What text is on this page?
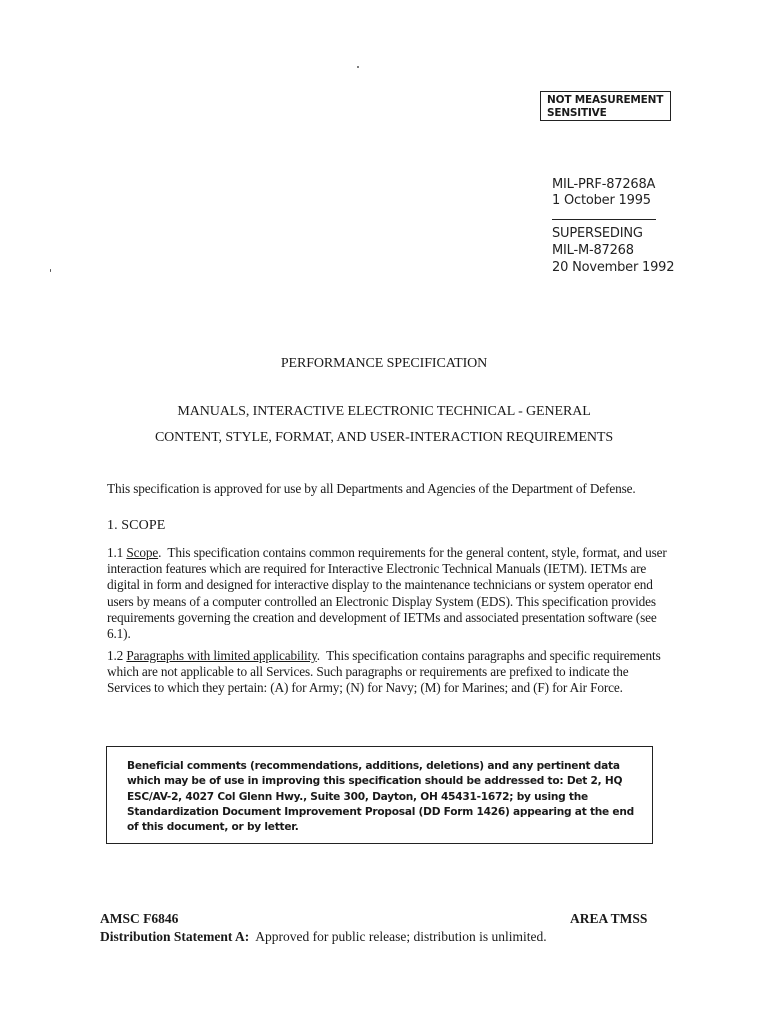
NOT MEASUREMENT
SENSITIVE
MIL-PRF-87268A
1 October 1995
SUPERSEDING
MIL-M-87268
20 November 1992
PERFORMANCE SPECIFICATION
MANUALS, INTERACTIVE ELECTRONIC TECHNICAL - GENERAL
CONTENT, STYLE, FORMAT, AND USER-INTERACTION REQUIREMENTS
This specification is approved for use by all Departments and Agencies of the Department of Defense.
1. SCOPE
1.1 Scope.  This specification contains common requirements for the general content, style, format, and user interaction features which are required for Interactive Electronic Technical Manuals (IETM). IETMs are digital in form and designed for interactive display to the maintenance technicians or system operator end users by means of a computer controlled an Electronic Display System (EDS). This specification provides requirements governing the creation and development of IETMs and associated presentation software (see 6.1).
1.2 Paragraphs with limited applicability.  This specification contains paragraphs and specific requirements which are not applicable to all Services. Such paragraphs or requirements are prefixed to indicate the Services to which they pertain: (A) for Army; (N) for Navy; (M) for Marines; and (F) for Air Force.
Beneficial comments (recommendations, additions, deletions) and any pertinent data
which may be of use in improving this specification should be addressed to: Det 2, HQ
ESC/AV-2, 4027 Col Glenn Hwy., Suite 300, Dayton, OH 45431-1672; by using the
Standardization Document Improvement Proposal (DD Form 1426) appearing at the end
of this document, or by letter.
AMSC F6846	AREA TMSS
Distribution Statement A: Approved for public release; distribution is unlimited.
